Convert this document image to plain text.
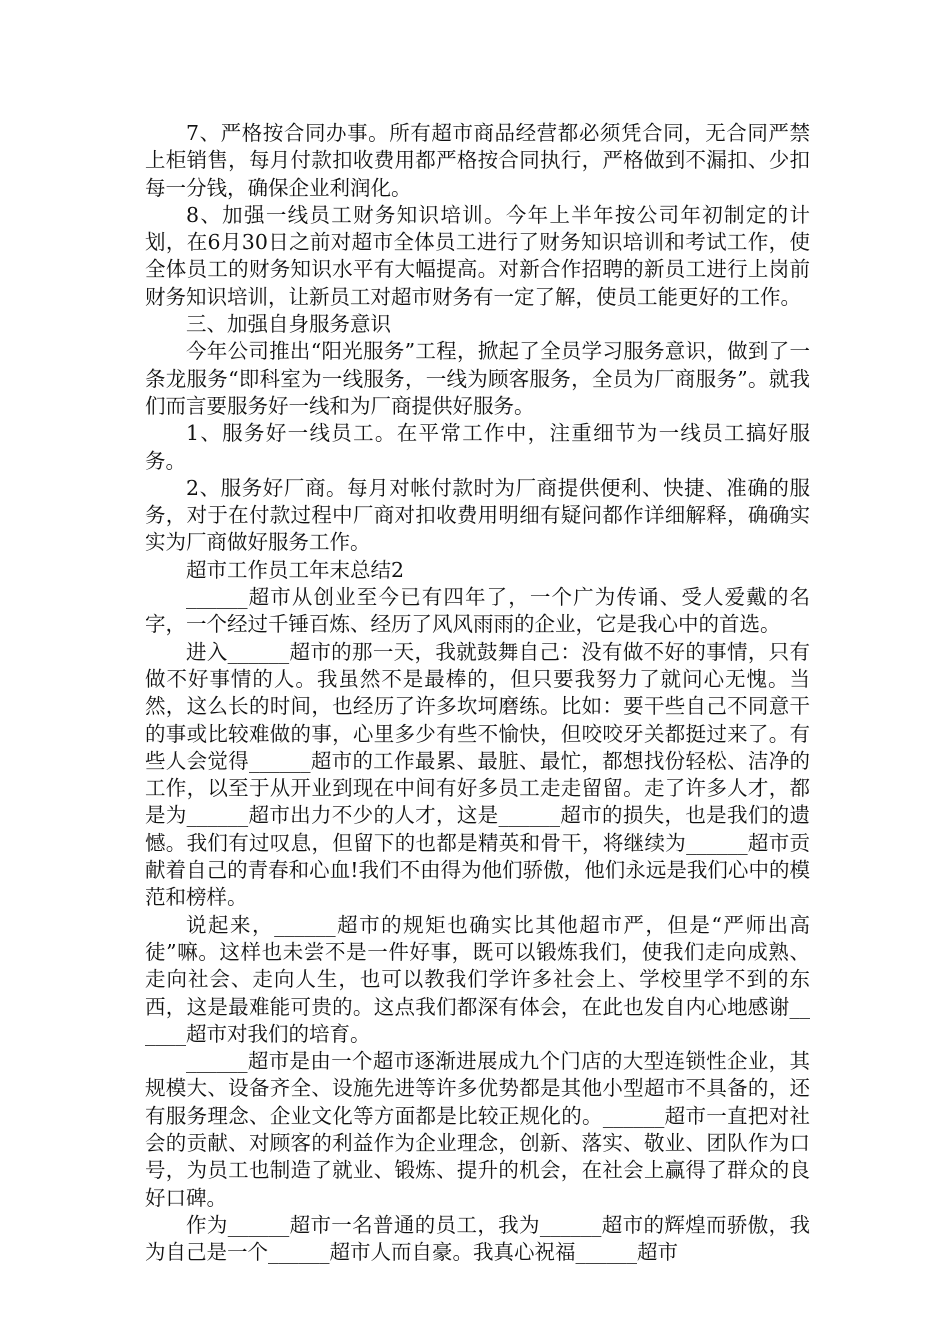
7、严格按合同办事。所有超市商品经营都必须凭合同，无合同严禁上柜销售，每月付款扣收费用都严格按合同执行，严格做到不漏扣、少扣每一分钱，确保企业利润化。

8、加强一线员工财务知识培训。今年上半年按公司年初制定的计划，在6月30日之前对超市全体员工进行了财务知识培训和考试工作，使全体员工的财务知识水平有大幅提高。对新合作招聘的新员工进行上岗前财务知识培训，让新员工对超市财务有一定了解，使员工能更好的工作。

三、加强自身服务意识

今年公司推出“阳光服务”工程，掀起了全员学习服务意识，做到了一条龙服务“即科室为一线服务，一线为顾客服务，全员为厂商服务”。就我们而言要服务好一线和为厂商提供好服务。

1、服务好一线员工。在平常工作中，注重细节为一线员工搞好服务。

2、服务好厂商。每月对帐付款时为厂商提供便利、快捷、准确的服务，对于在付款过程中厂商对扣收费用明细有疑问都作详细解释，确确实实为厂商做好服务工作。

超市工作员工年末总结2

______超市从创业至今已有四年了，一个广为传诵、受人爱戴的名字，一个经过千锤百炼、经历了风风雨雨的企业，它是我心中的首选。

进入______超市的那一天，我就鼓舞自己：没有做不好的事情，只有做不好事情的人。我虽然不是最棒的，但只要我努力了就问心无愧。当然，这么长的时间，也经历了许多坎坷磨练。比如：要干些自己不同意干的事或比较难做的事，心里多少有些不愉快，但咬咬牙关都挺过来了。有些人会觉得______超市的工作最累、最脏、最忙，都想找份轻松、洁净的工作，以至于从开业到现在中间有好多员工走走留留。走了许多人才，都是为______超市出力不少的人才，这是______超市的损失，也是我们的遗憾。我们有过叹息，但留下的也都是精英和骨干，将继续为______超市贡献着自己的青春和心血!我们不由得为他们骄傲，他们永远是我们心中的模范和榜样。

说起来，______超市的规矩也确实比其他超市严，但是“严师出高徒”嘛。这样也未尝不是一件好事，既可以锻炼我们，使我们走向成熟、走向社会、走向人生，也可以教我们学许多社会上、学校里学不到的东西，这是最难能可贵的。这点我们都深有体会，在此也发自内心地感谢______超市对我们的培育。

______超市是由一个超市逐渐进展成九个门店的大型连锁性企业，其规模大、设备齐全、设施先进等许多优势都是其他小型超市不具备的，还有服务理念、企业文化等方面都是比较正规化的。______超市一直把对社会的贡献、对顾客的利益作为企业理念，创新、落实、敬业、团队作为口号，为员工也制造了就业、锻炼、提升的机会，在社会上赢得了群众的良好口碑。

作为______超市一名普通的员工，我为______超市的辉煌而骄傲，我为自己是一个______超市人而自豪。我真心祝福______超市
